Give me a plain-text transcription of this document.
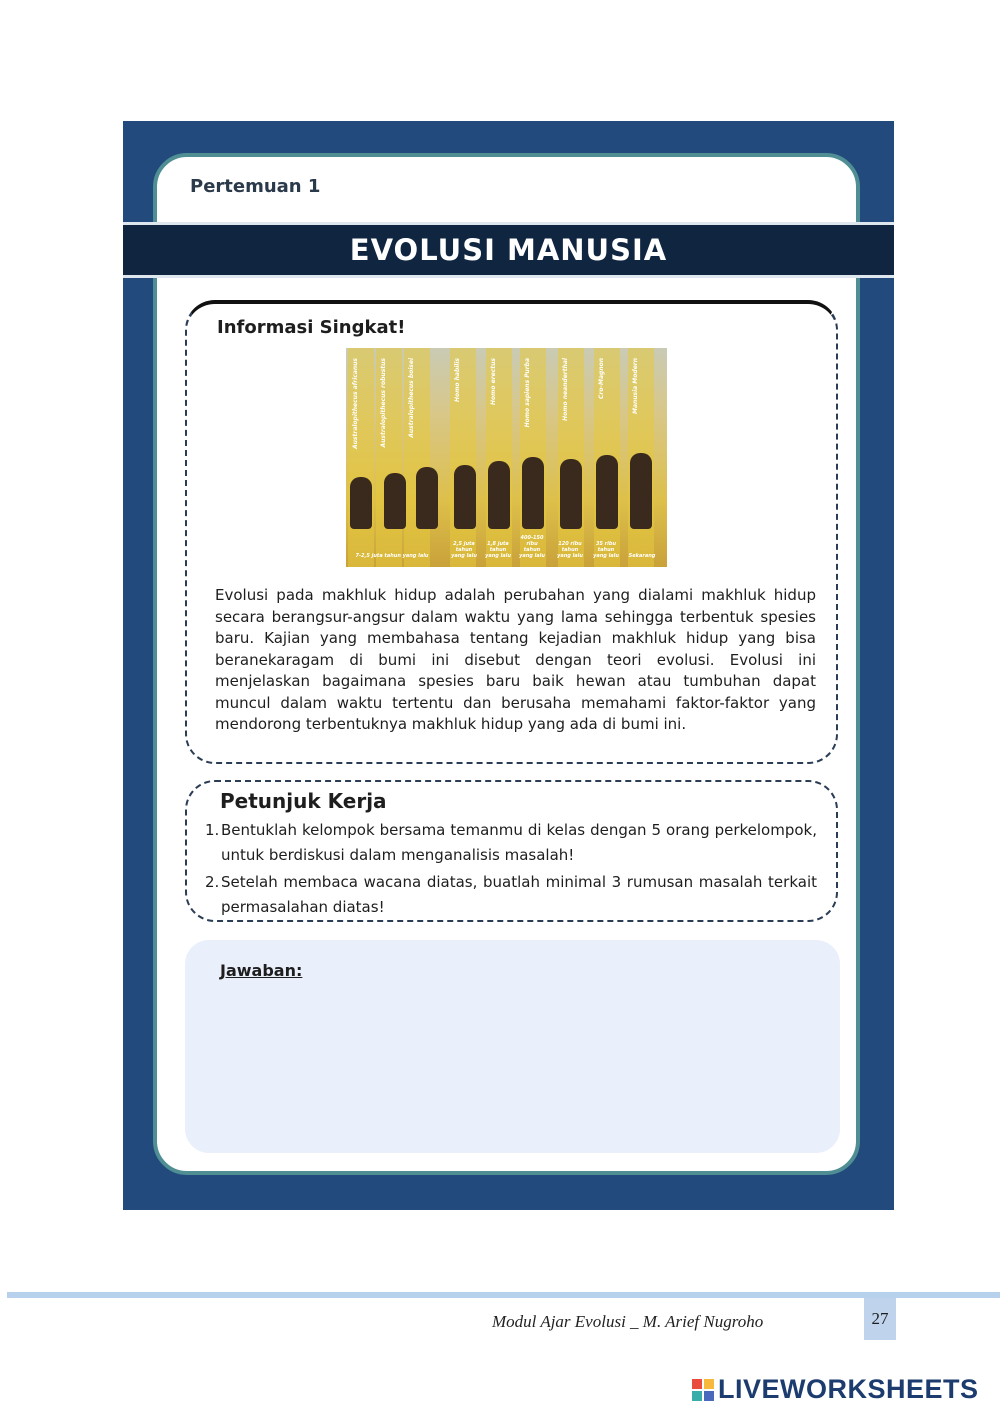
Pertemuan 1
EVOLUSI MANUSIA
Informasi Singkat!
Australopithecus africanus	Australopithecus robustus	Australopithecus boisei	Homo habilis	Homo erectus	Homo sapiens Purba	Homo neanderthal	Cro-Magnon	Manusia Modern
7-2,5 juta tahun yang lalu
2,5 juta tahun yang lalu
1,8 juta tahun yang lalu
400-150 ribu tahun yang lalu
120 ribu tahun yang lalu
35 ribu tahun yang lalu Sekarang
Evolusi pada makhluk hidup adalah perubahan yang dialami makhluk hidup secara berangsur-angsur dalam waktu yang lama sehingga terbentuk spesies baru. Kajian yang membahasa tentang kejadian makhluk hidup yang bisa beranekaragam di bumi ini disebut dengan teori evolusi. Evolusi ini menjelaskan bagaimana spesies baru baik hewan atau tumbuhan dapat muncul dalam waktu tertentu dan berusaha memahami faktor-faktor yang mendorong terbentuknya makhluk hidup yang ada di bumi ini.
Petunjuk Kerja
1. Bentuklah kelompok bersama temanmu di kelas dengan 5 orang perkelompok, untuk berdiskusi dalam menganalisis masalah!
2. Setelah membaca wacana diatas, buatlah minimal 3 rumusan masalah terkait permasalahan diatas!
Jawaban:
Modul Ajar Evolusi _ M. Arief Nugroho	27
LIVEWORKSHEETS
